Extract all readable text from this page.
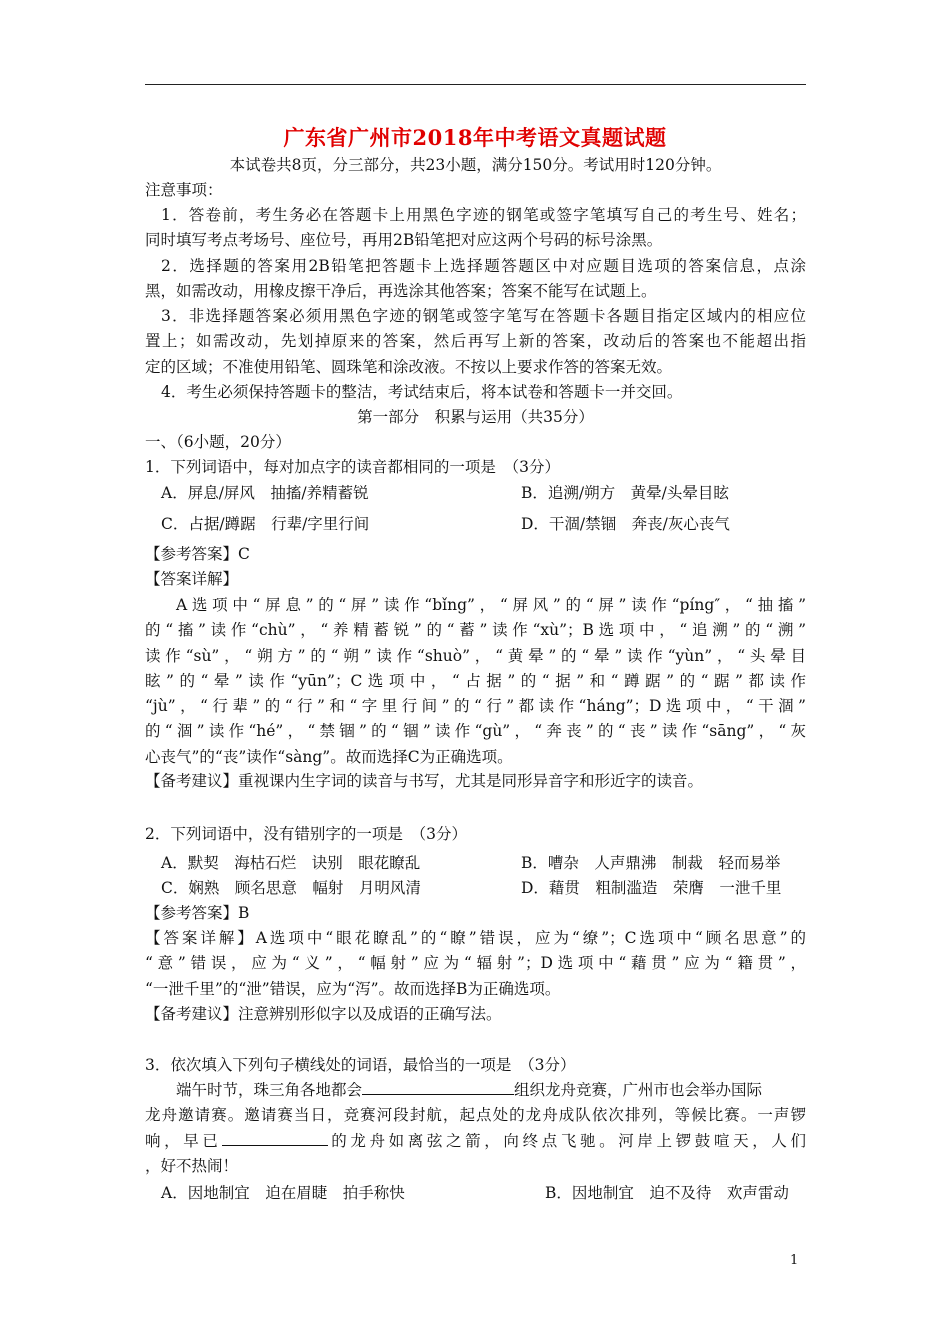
广东省广州市2018年中考语文真题试题
本试卷共8页，分三部分，共23小题，满分150分。考试用时120分钟。
注意事项：
1．答卷前，考生务必在答题卡上用黑色字迹的钢笔或签字笔填写自己的考生号、姓名；
同时填写考点考场号、座位号，再用2B铅笔把对应这两个号码的标号涂黑。
2．选择题的答案用2B铅笔把答题卡上选择题答题区中对应题目选项的答案信息，点涂
黑，如需改动，用橡皮擦干净后，再选涂其他答案；答案不能写在试题上。
3．非选择题答案必须用黑色字迹的钢笔或签字笔写在答题卡各题目指定区域内的相应位
置上；如需改动，先划掉原来的答案，然后再写上新的答案，改动后的答案也不能超出指
定的区域；不准使用铅笔、圆珠笔和涂改液。不按以上要求作答的答案无效。
4．考生必须保持答题卡的整洁，考试结束后，将本试卷和答题卡一并交回。
第一部分　积累与运用（共35分）
一、（6小题，20分）
1．下列词语中，每对加点字的读音都相同的一项是　（3分）
A．屏息/屏风　抽搐/养精蓄锐	B．追溯/朔方　黄晕/头晕目眩
C．占据/蹲踞　行辈/字里行间	D．干涸/禁锢　奔丧/灰心丧气
【参考答案】C
【答案详解】
A选项中“屏息”的“屏”读作“bǐng”，“屏风”的“屏”读作“píng″，“抽搐”
的“搐”读作“chù”，“养精蓄锐”的“蓄”读作“xù”；B选项中，“追溯”的“溯”
读作“sù”，“朔方”的“朔”读作“shuò”，“黄晕”的“晕”读作“yùn”，“头晕目
眩”的“晕”读作“yūn”；C选项中，“占据”的“据”和“蹲踞”的“踞”都读作
“jù”，“行辈”的“行”和“字里行间”的“行”都读作“háng”；D选项中，“干涸”
的“涸”读作“hé”，“禁锢”的“锢”读作“gù”，“奔丧”的“丧”读作“sāng”，“灰
心丧气”的“丧”读作“sàng”。故而选择C为正确选项。
【备考建议】重视课内生字词的读音与书写，尤其是同形异音字和形近字的读音。
2．下列词语中，没有错别字的一项是　（3分）
A．默契　海枯石烂　诀别　眼花瞭乱	B．嘈杂　人声鼎沸　制裁　轻而易举
C．娴熟　顾名思意　幅射　月明风清	D．藉贯　粗制滥造　荣膺　一泄千里
【参考答案】B
【答案详解】A选项中“眼花瞭乱”的“瞭”错误，应为“缭”；C选项中“顾名思意”的
“意”错误，应为“义”，“幅射”应为“辐射”；D选项中“藉贯”应为“籍贯”，
“一泄千里”的“泄”错误，应为“泻”。故而选择B为正确选项。
【备考建议】注意辨别形似字以及成语的正确写法。
3．依次填入下列句子横线处的词语，最恰当的一项是　（3分）
端午时节，珠三角各地都会	组织龙舟竞赛，广州市也会举办国际
龙舟邀请赛。邀请赛当日，竞赛河段封航，起点处的龙舟成队依次排列，等候比赛。一声锣
响，早已	的龙舟如离弦之箭，向终点飞驰。河岸上锣鼓喧天，人们
，好不热闹！
A．因地制宜　迫在眉睫　拍手称快	B．因地制宜　迫不及待　欢声雷动
1
